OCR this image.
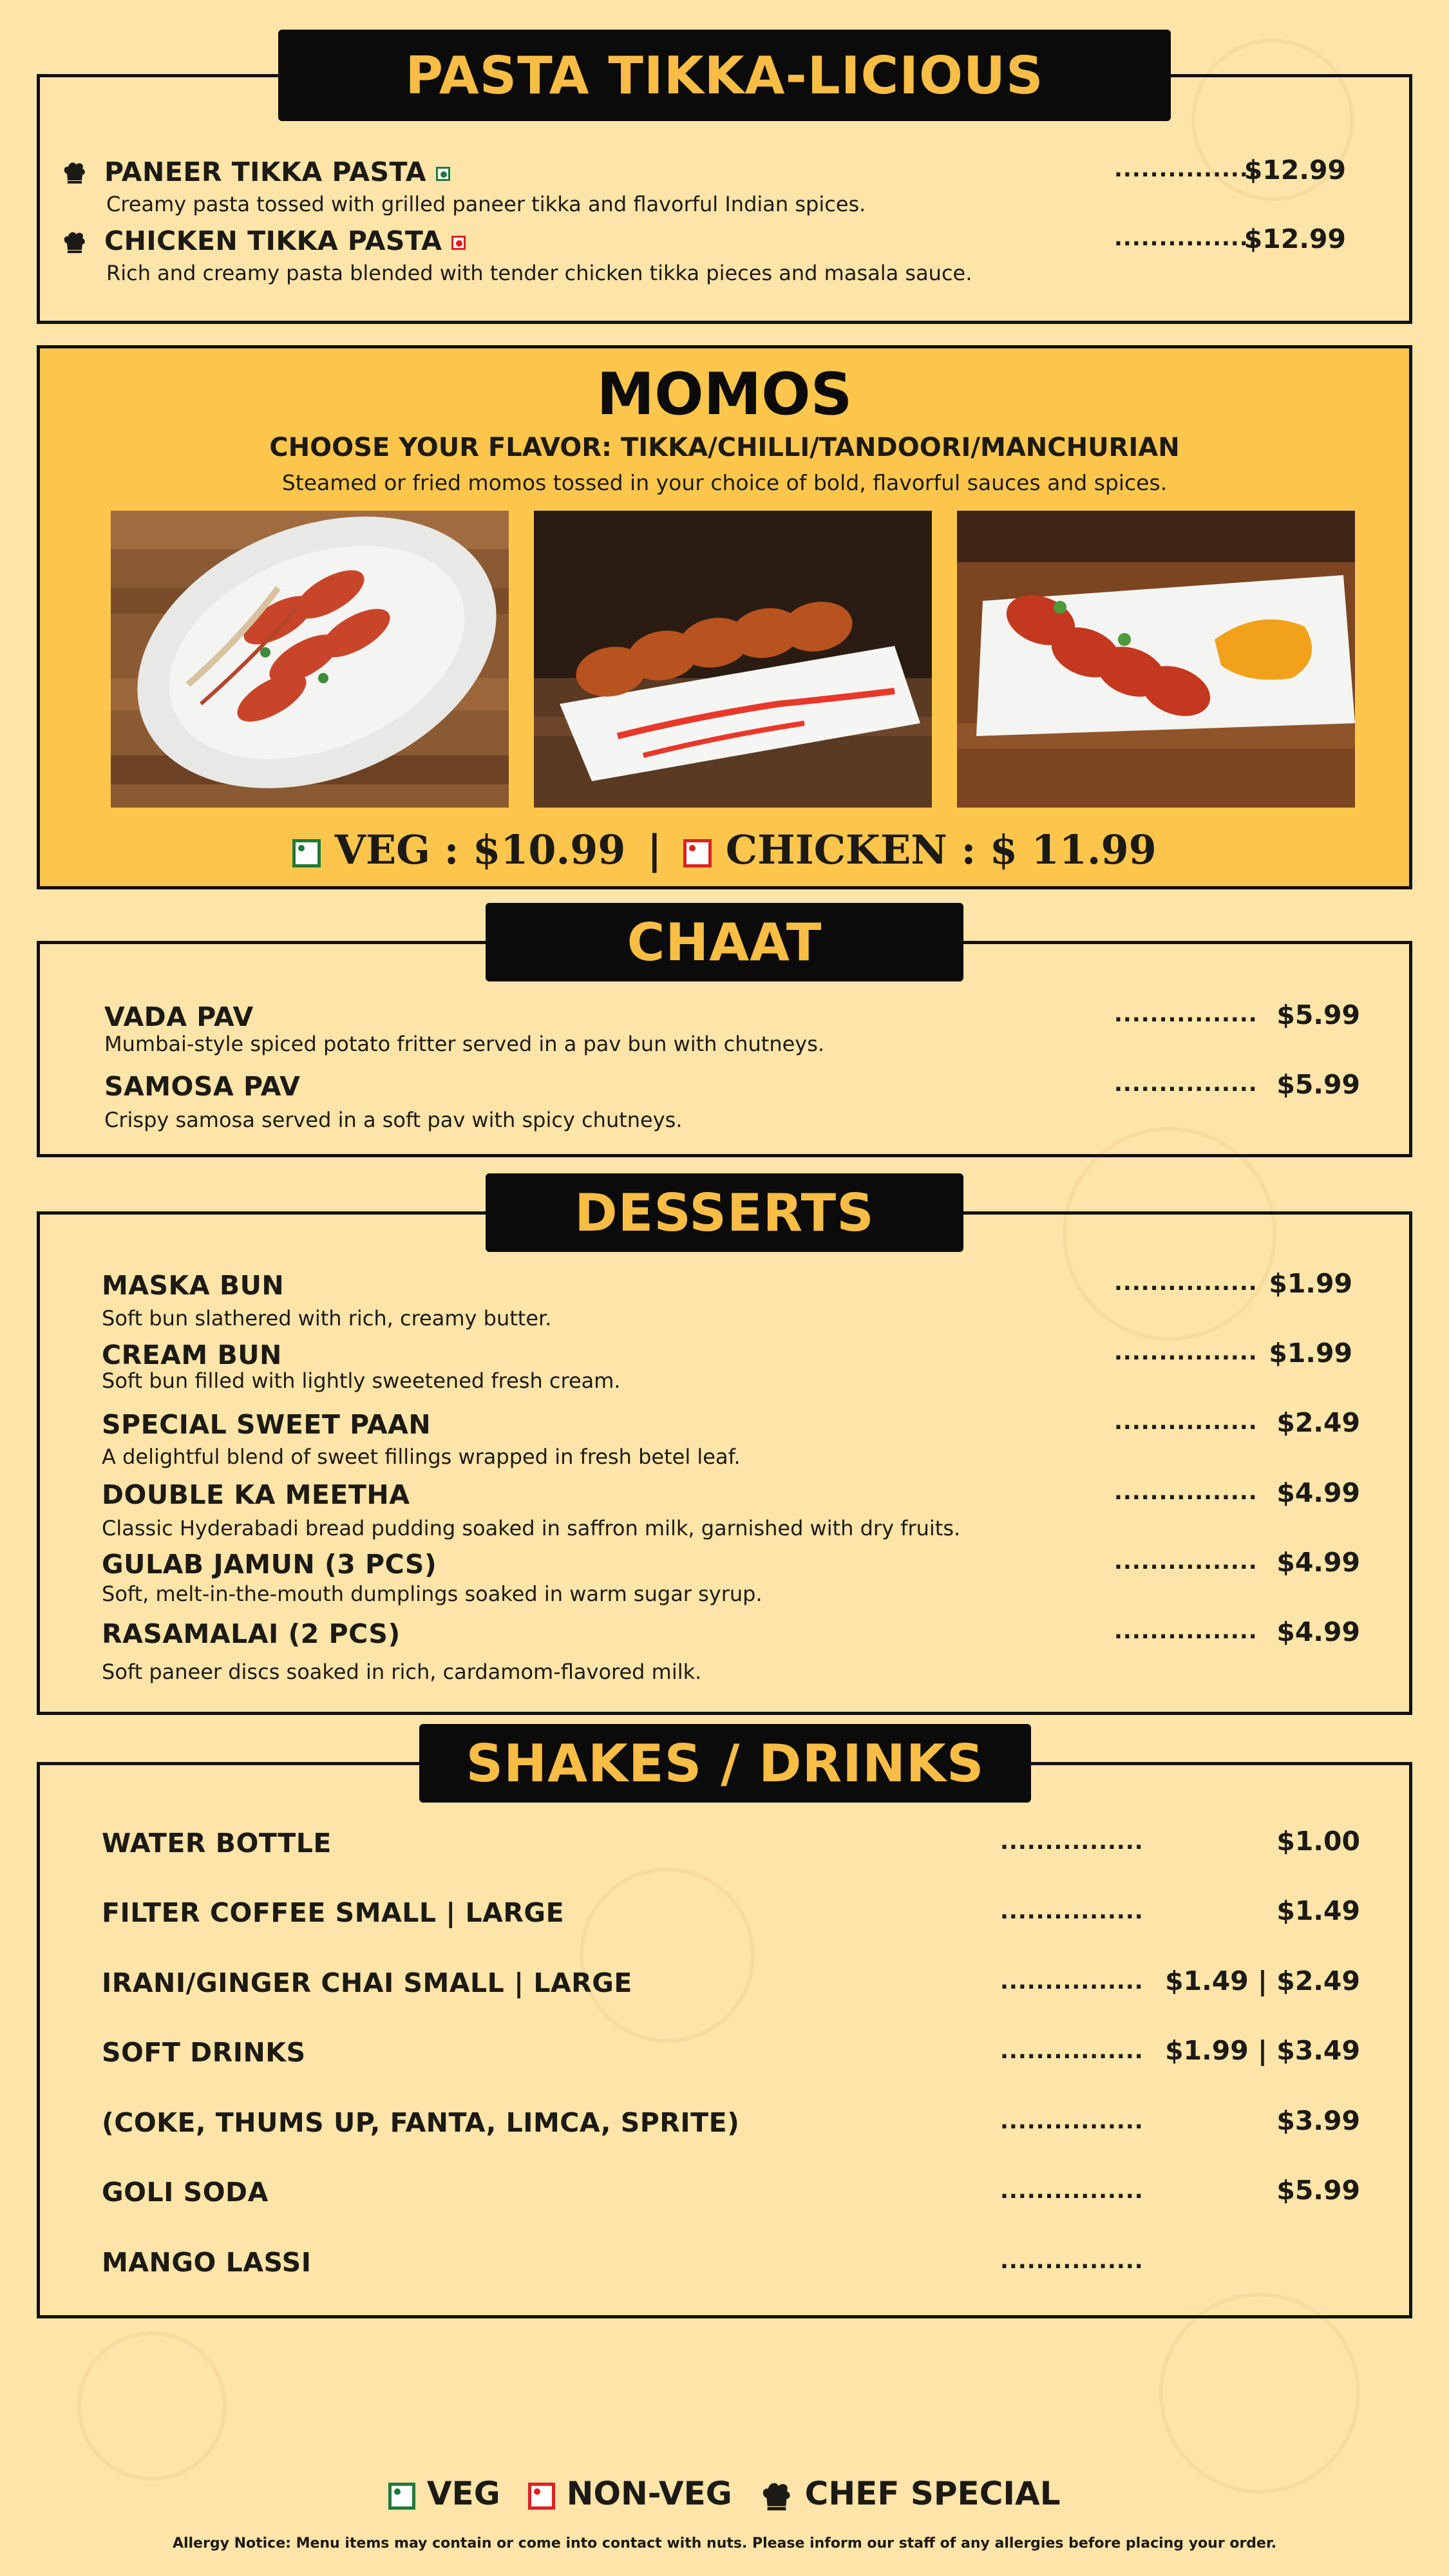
PASTA TIKKA-LICIOUS
PANEER TIKKA PASTA
Creamy pasta tossed with grilled paneer tikka and flavorful Indian spices.
................
$12.99
CHICKEN TIKKA PASTA
Rich and creamy pasta blended with tender chicken tikka pieces and masala sauce.
................
$12.99
MOMOS
CHOOSE YOUR FLAVOR: TIKKA/CHILLI/TANDOORI/MANCHURIAN
Steamed or fried momos tossed in your choice of bold, flavorful sauces and spices.
VEG : $10.99 | CHICKEN : $ 11.99
CHAAT
VADA PAV
Mumbai-style spiced potato fritter served in a pav bun with chutneys.
................ $5.99
SAMOSA PAV
Crispy samosa served in a soft pav with spicy chutneys.
................ $5.99
DESSERTS
MASKA BUN
Soft bun slathered with rich, creamy butter.
................ $1.99
CREAM BUN
Soft bun filled with lightly sweetened fresh cream.
................ $1.99
SPECIAL SWEET PAAN
A delightful blend of sweet fillings wrapped in fresh betel leaf.
................ $2.49
DOUBLE KA MEETHA
Classic Hyderabadi bread pudding soaked in saffron milk, garnished with dry fruits.
................ $4.99
GULAB JAMUN (3 PCS)
Soft, melt-in-the-mouth dumplings soaked in warm sugar syrup.
................ $4.99
RASAMALAI (2 PCS)
Soft paneer discs soaked in rich, cardamom-flavored milk.
................ $4.99
SHAKES / DRINKS
WATER BOTTLE	................	$1.00
FILTER COFFEE SMALL | LARGE	................	$1.49
IRANI/GINGER CHAI SMALL | LARGE	................ $1.49 | $2.49
SOFT DRINKS	................ $1.99 | $3.49
(COKE, THUMS UP, FANTA, LIMCA, SPRITE)	................	$3.99
GOLI SODA	................	$5.99
MANGO LASSI	................
VEG NON-VEG CHEF SPECIAL
Allergy Notice: Menu items may contain or come into contact with nuts. Please inform our staff of any allergies before placing your order.
